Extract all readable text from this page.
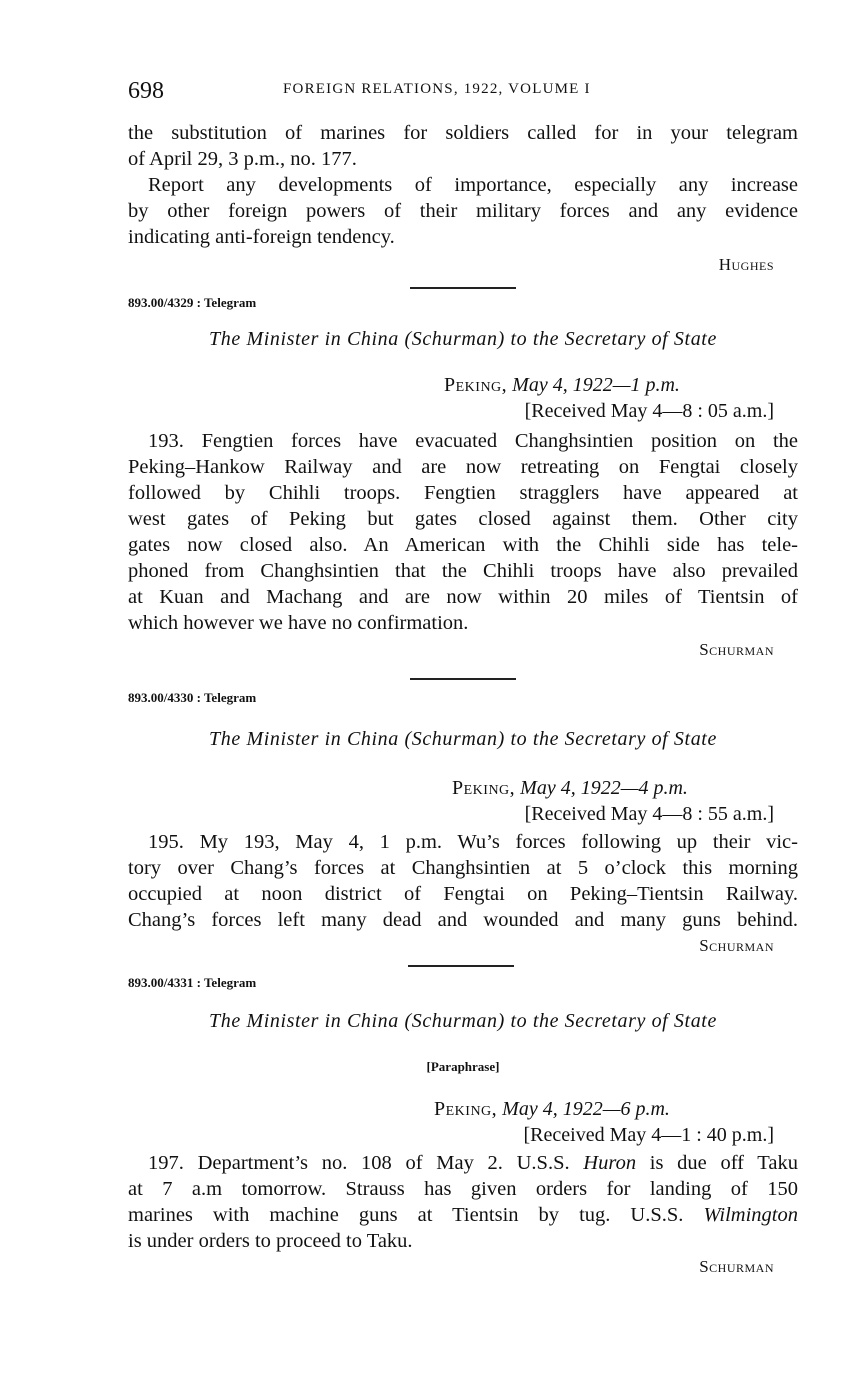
698	FOREIGN RELATIONS, 1922, VOLUME I
the substitution of marines for soldiers called for in your telegram
of April 29, 3 p.m., no. 177.
Report any developments of importance, especially any increase
by other foreign powers of their military forces and any evidence
indicating anti-foreign tendency.
Hughes
893.00/4329 : Telegram
The Minister in China (Schurman) to the Secretary of State
Peking, May 4, 1922—1 p.m.
[Received May 4—8 : 05 a.m.]
193. Fengtien forces have evacuated Changhsintien position on the
Peking–Hankow Railway and are now retreating on Fengtai closely
followed by Chihli troops. Fengtien stragglers have appeared at
west gates of Peking but gates closed against them. Other city
gates now closed also. An American with the Chihli side has tele-
phoned from Changhsintien that the Chihli troops have also prevailed
at Kuan and Machang and are now within 20 miles of Tientsin of
which however we have no confirmation.
Schurman
893.00/4330 : Telegram
The Minister in China (Schurman) to the Secretary of State
Peking, May 4, 1922—4 p.m.
[Received May 4—8 : 55 a.m.]
195. My 193, May 4, 1 p.m. Wu’s forces following up their vic-
tory over Chang’s forces at Changhsintien at 5 o’clock this morning
occupied at noon district of Fengtai on Peking–Tientsin Railway.
Chang’s forces left many dead and wounded and many guns behind.
Schurman
893.00/4331 : Telegram
The Minister in China (Schurman) to the Secretary of State
[Paraphrase]
Peking, May 4, 1922—6 p.m.
[Received May 4—1 : 40 p.m.]
197. Department’s no. 108 of May 2. U.S.S. Huron is due off Taku
at 7 a.m tomorrow. Strauss has given orders for landing of 150
marines with machine guns at Tientsin by tug. U.S.S. Wilmington
is under orders to proceed to Taku.
Schurman
